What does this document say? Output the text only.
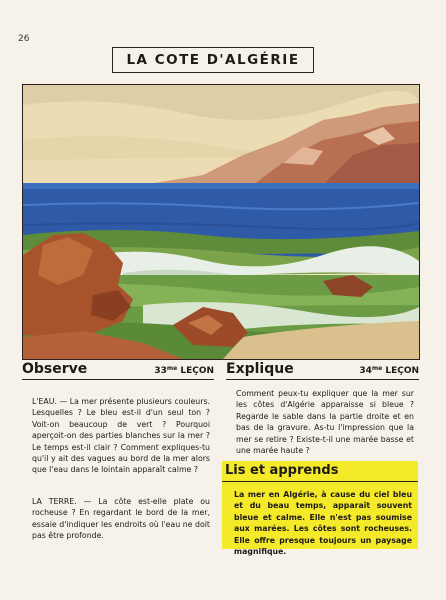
26
LA COTE D'ALGÉRIE
Observe	$33^{me}$ LEÇON Explique	$34^{me}$ LEÇON
L'EAU. — La mer présente plusieurs couleurs. Lesquelles ? Le bleu est-il d'un seul ton ? Voit-on beaucoup de vert ? Pourquoi aperçoit-on des parties blanches sur la mer ? Le temps est-il clair ? Comment expliques-tu qu'il y ait des vagues au bord de la mer alors que l'eau dans le lointain apparaît calme ?
LA TERRE. — La côte est-elle plate ou rocheuse ? En regardant le bord de la mer, essaie d'indiquer les endroits où l'eau ne doit pas être profonde.
Comment peux-tu expliquer que la mer sur les côtes d'Algérie apparaisse si bleue ? Regarde le sable dans la partie droite et en bas de la gravure. As-tu l'impression que la mer se retire ? Existe-t-il une marée basse et une marée haute ?
Lis et apprends
La mer en Algérie, à cause du ciel bleu et du beau temps, apparaît souvent bleue et calme. Elle n'est pas soumise aux marées. Les côtes sont rocheuses. Elle offre presque toujours un paysage magnifique.
